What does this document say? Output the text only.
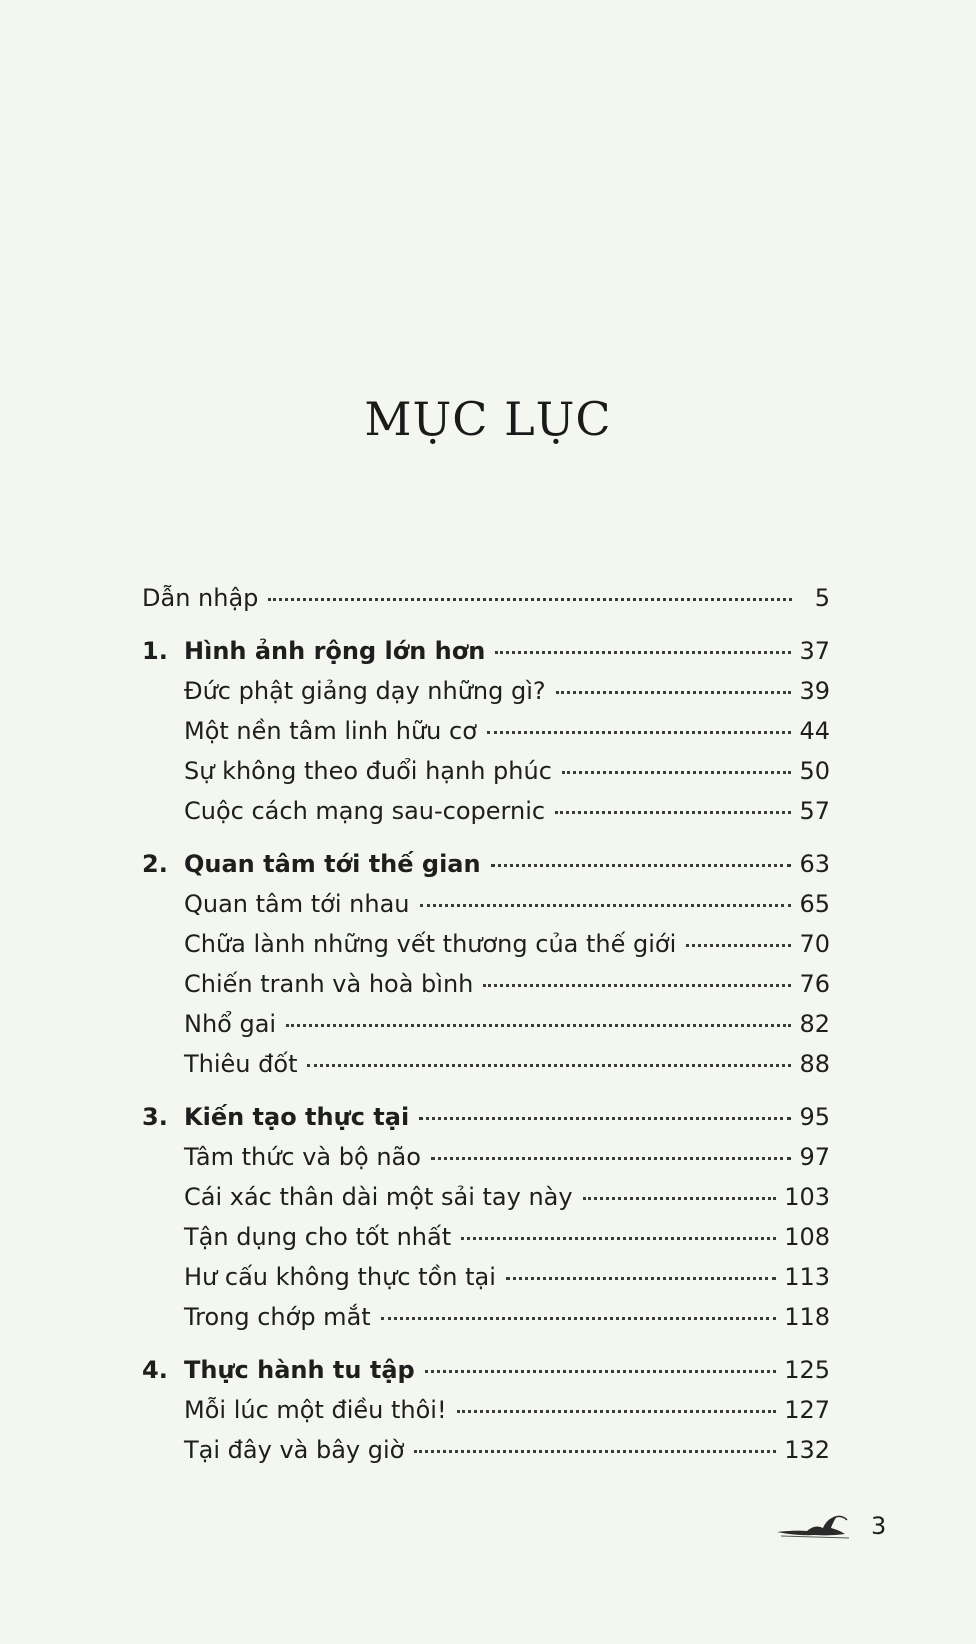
MỤC LỤC
Dẫn nhập	5
1. Hình ảnh rộng lớn hơn	37
Đức phật giảng dạy những gì?	39
Một nền tâm linh hữu cơ	44
Sự không theo đuổi hạnh phúc	50
Cuộc cách mạng sau-copernic	57
2. Quan tâm tới thế gian	63
Quan tâm tới nhau	65
Chữa lành những vết thương của thế giới	70
Chiến tranh và hoà bình	76
Nhổ gai	82
Thiêu đốt	88
3. Kiến tạo thực tại	95
Tâm thức và bộ não	97
Cái xác thân dài một sải tay này	103
Tận dụng cho tốt nhất	108
Hư cấu không thực tồn tại	113
Trong chớp mắt	118
4. Thực hành tu tập	125
Mỗi lúc một điều thôi!	127
Tại đây và bây giờ	132
3
